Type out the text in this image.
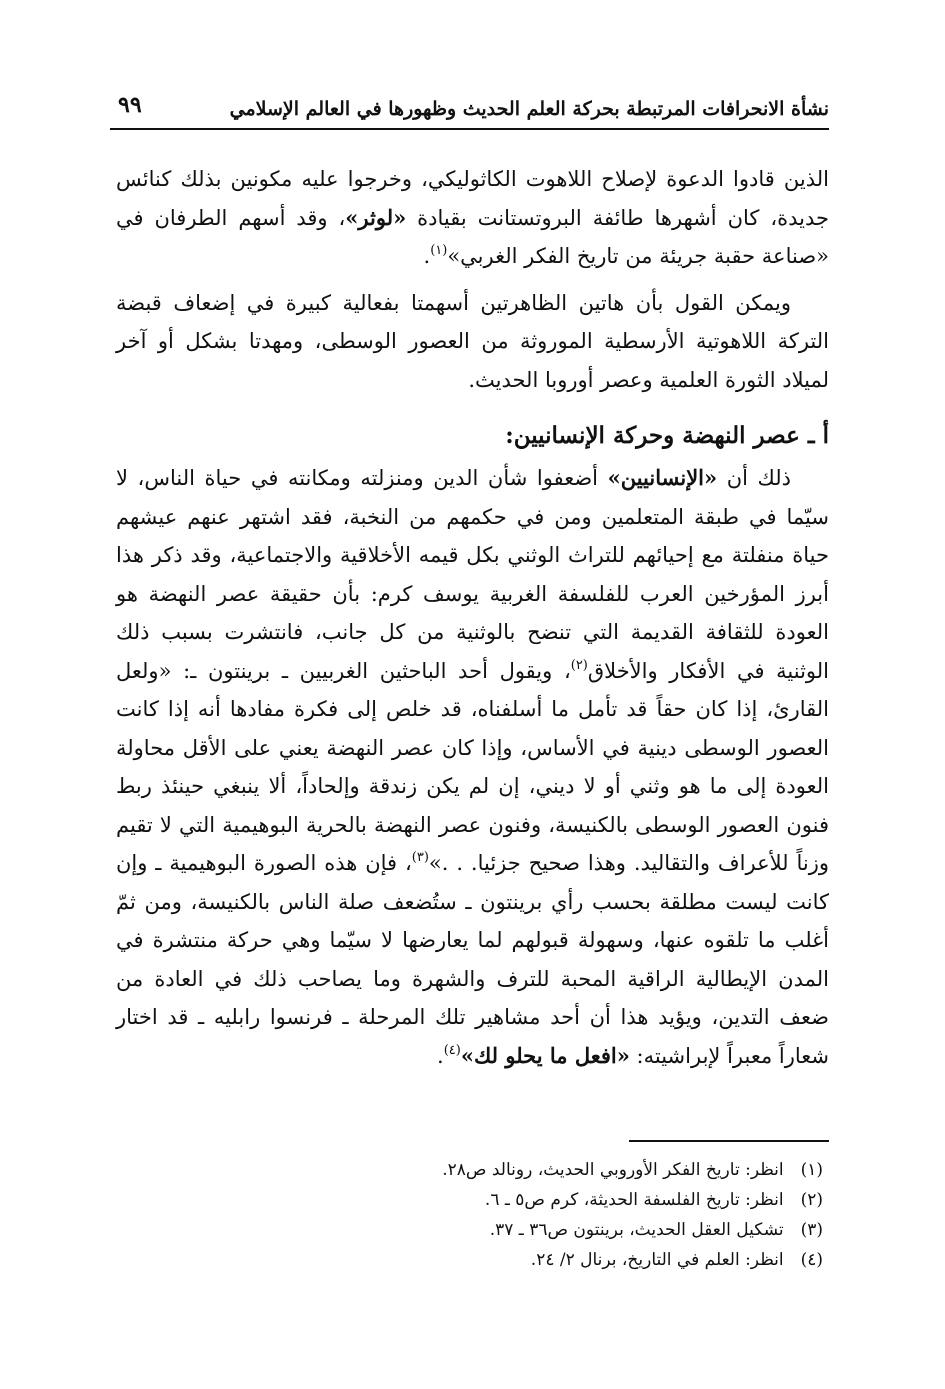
نشأة الانحرافات المرتبطة بحركة العلم الحديث وظهورها في العالم الإسلامي
٩٩

الذين قادوا الدعوة لإصلاح اللاهوت الكاثوليكي، وخرجوا عليه مكونين بذلك كنائس جديدة، كان أشهرها طائفة البروتستانت بقيادة «لوثر»، وقد أسهم الطرفان في «صناعة حقبة جريئة من تاريخ الفكر الغربي»$^{(١)}$.

ويمكن القول بأن هاتين الظاهرتين أسهمتا بفعالية كبيرة في إضعاف قبضة التركة اللاهوتية الأرسطية الموروثة من العصور الوسطى، ومهدتا بشكل أو آخر لميلاد الثورة العلمية وعصر أوروبا الحديث.

أ ـ عصر النهضة وحركة الإنسانيين:

ذلك أن «الإنسانيين» أضعفوا شأن الدين ومنزلته ومكانته في حياة الناس، لا سيّما في طبقة المتعلمين ومن في حكمهم من النخبة، فقد اشتهر عنهم عيشهم حياة منفلتة مع إحيائهم للتراث الوثني بكل قيمه الأخلاقية والاجتماعية، وقد ذكر هذا أبرز المؤرخين العرب للفلسفة الغربية يوسف كرم: بأن حقيقة عصر النهضة هو العودة للثقافة القديمة التي تنضح بالوثنية من كل جانب، فانتشرت بسبب ذلك الوثنية في الأفكار والأخلاق$^{(٢)}$، ويقول أحد الباحثين الغربيين ـ برينتون ـ: «ولعل القارئ، إذا كان حقاً قد تأمل ما أسلفناه، قد خلص إلى فكرة مفادها أنه إذا كانت العصور الوسطى دينية في الأساس، وإذا كان عصر النهضة يعني على الأقل محاولة العودة إلى ما هو وثني أو لا ديني، إن لم يكن زندقة وإلحاداً، ألا ينبغي حينئذ ربط فنون العصور الوسطى بالكنيسة، وفنون عصر النهضة بالحرية البوهيمية التي لا تقيم وزناً للأعراف والتقاليد. وهذا صحيح جزئيا. . .»$^{(٣)}$، فإن هذه الصورة البوهيمية ـ وإن كانت ليست مطلقة بحسب رأي برينتون ـ ستُضعف صلة الناس بالكنيسة، ومن ثمّ أغلب ما تلقوه عنها، وسهولة قبولهم لما يعارضها لا سيّما وهي حركة منتشرة في المدن الإيطالية الراقية المحبة للترف والشهرة وما يصاحب ذلك في العادة من ضعف التدين، ويؤيد هذا أن أحد مشاهير تلك المرحلة ـ فرنسوا رابليه ـ قد اختار شعاراً معبراً لإبراشيته: «افعل ما يحلو لك»$^{(٤)}$.

(١) انظر: تاريخ الفكر الأوروبي الحديث، رونالد ص٢٨.
(٢) انظر: تاريخ الفلسفة الحديثة، كرم ص٥ ـ ٦.
(٣) تشكيل العقل الحديث، برينتون ص٣٦ ـ ٣٧.
(٤) انظر: العلم في التاريخ، برنال ٢/ ٢٤.
